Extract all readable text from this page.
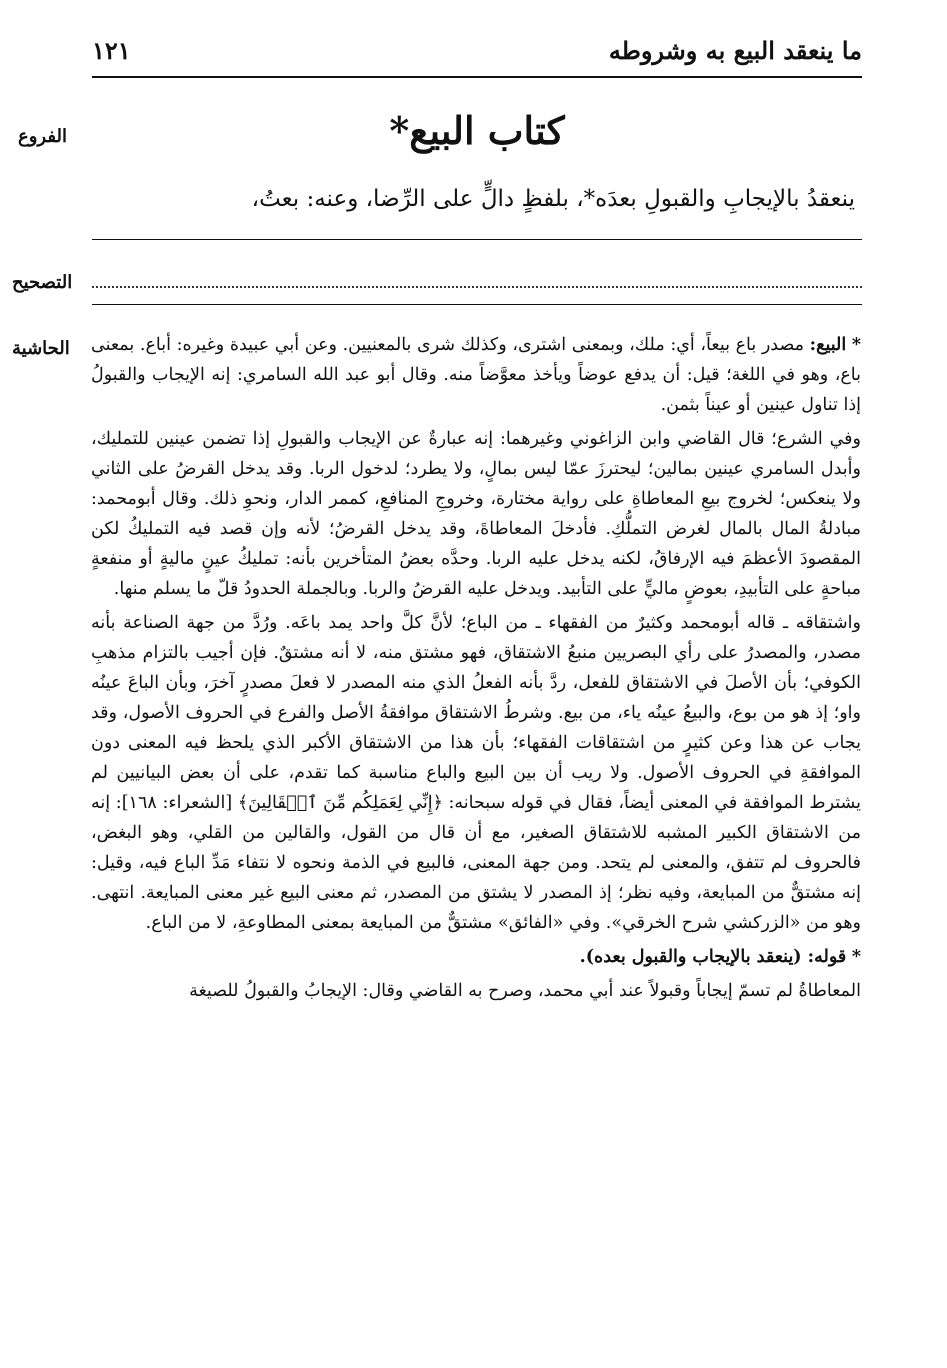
ما ينعقد البيع به وشروطه
١٢١
الفروع	كتاب البيع*
ينعقدُ بالإيجابِ والقبولِ بعدَه*، بلفظٍ دالٍّ على الرِّضا، وعنه: بعتُ،
التصحيح
الحاشية	* البيع: مصدر باع بيعاً، أي: ملك، وبمعنى اشترى، وكذلك شرى بالمعنيين. وعن أبي عبيدة وغيره: أباع. بمعنى باع، وهو في اللغة؛ قيل: أن يدفع عوضاً ويأخذ معوَّضاً منه. وقال أبو عبد الله السامري: إنه الإيجاب والقبولُ إذا تناول عينين أو عيناً بثمن.

وفي الشرع؛ قال القاضي وابن الزاغوني وغيرهما: إنه عبارةٌ عن الإيجاب والقبولِ إذا تضمن عينين للتمليك، وأبدل السامري عينين بمالين؛ ليحترزَ عمّا ليس بمالٍ، ولا يطرد؛ لدخول الربا. وقد يدخل القرضُ على الثاني ولا ينعكس؛ لخروج بيعِ المعاطاةِ على رواية مختارة، وخروجِ المنافعِ، كممر الدار، ونحوِ ذلك. وقال أبومحمد: مبادلةُ المال بالمال لغرض التملُّكِ. فأدخلَ المعاطاةَ، وقد يدخل القرضُ؛ لأنه وإن قصد فيه التمليكُ لكن المقصودَ الأعظمَ فيه الإرفاقُ، لكنه يدخل عليه الربا. وحدَّه بعضُ المتأخرين بأنه: تمليكُ عينٍ ماليةٍ أو منفعةٍ مباحةٍ على التأبيدِ، بعوضٍ ماليٍّ على التأبيد. ويدخل عليه القرضُ والربا. وبالجملة الحدودُ قلّ ما يسلم منها.

واشتقاقه ـ قاله أبومحمد وكثيرٌ من الفقهاء ـ من الباع؛ لأنَّ كلَّ واحد يمد باعَه. ورُدَّ من جهة الصناعة بأنه مصدر، والمصدرُ على رأي البصريين منبعُ الاشتقاق، فهو مشتق منه، لا أنه مشتقٌ. فإن أجيب بالتزام مذهبِ الكوفي؛ بأن الأصلَ في الاشتقاق للفعل، ردَّ بأنه الفعلُ الذي منه المصدر لا فعلَ مصدرٍ آخرَ، وبأن الباعَ عينُه واو؛ إذ هو من بوع، والبيعُ عينُه ياء، من بيع. وشرطُ الاشتقاق موافقةُ الأصل والفرع في الحروف الأصول، وقد يجاب عن هذا وعن كثيرٍ من اشتقاقات الفقهاء؛ بأن هذا من الاشتقاق الأكبر الذي يلحظ فيه المعنى دون الموافقةِ في الحروف الأصول. ولا ريب أن بين البيع والباع مناسبة كما تقدم، على أن بعض البيانيين لم يشترط الموافقة في المعنى أيضاً، فقال في قوله سبحانه: ﴿إِنِّي لِعَمَلِكُم مِّنَ ٱلۡقَالِينَ﴾ [الشعراء: ١٦٨]: إنه من الاشتقاق الكبير المشبه للاشتقاق الصغير، مع أن قال من القول، والقالين من القلي، وهو البغض، فالحروف لم تتفق، والمعنى لم يتحد. ومن جهة المعنى، فالبيع في الذمة ونحوه لا نتفاء مَدِّ الباع فيه، وقيل: إنه مشتقٌّ من المبايعة، وفيه نظر؛ إذ المصدر لا يشتق من المصدر، ثم معنى البيع غير معنى المبايعة. انتهى. وهو من «الزركشي شرح الخرقي». وفي «الفائق» مشتقٌّ من المبايعة بمعنى المطاوعةِ، لا من الباع.

* قوله: (ينعقد بالإيجاب والقبول بعده).

المعاطاةُ لم تسمّ إيجاباً وقبولاً عند أبي محمد، وصرح به القاضي وقال: الإيجابُ والقبولُ للصيغة
